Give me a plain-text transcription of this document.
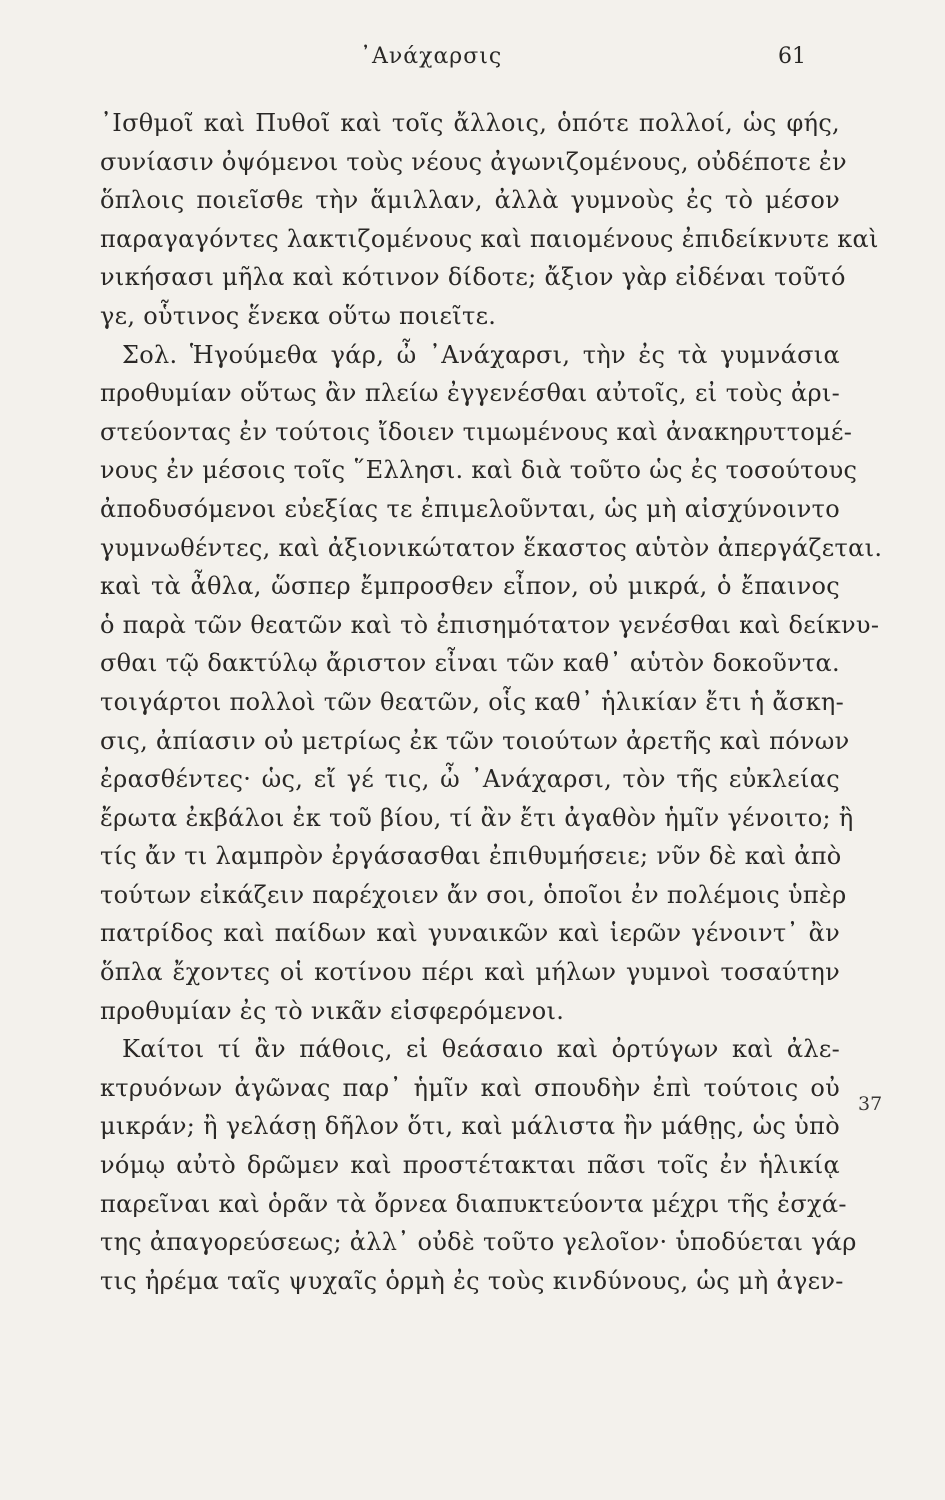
᾿Ανάχαρσις	61
᾿Ισθμοῖ καὶ Πυθοῖ καὶ τοῖς ἄλλοις, ὁπότε πολλοί, ὡς φής,
συνίασιν ὀψόμενοι τοὺς νέους ἀγωνιζομένους, οὐδέποτε ἐν
ὅπλοις ποιεῖσθε τὴν ἅμιλλαν, ἀλλὰ γυμνοὺς ἐς τὸ μέσον
παραγαγόντες λακτιζομένους καὶ παιομένους ἐπιδείκνυτε καὶ
νικήσασι μῆλα καὶ κότινον δίδοτε; ἄξιον γὰρ εἰδέναι τοῦτό
γε, οὗτινος ἕνεκα οὕτω ποιεῖτε.
Σολ. Ἡγούμεθα γάρ, ὦ ᾿Ανάχαρσι, τὴν ἐς τὰ γυμνάσια
προθυμίαν οὕτως ἂν πλείω ἐγγενέσθαι αὐτοῖς, εἰ τοὺς ἀρι-
στεύοντας ἐν τούτοις ἴδοιεν τιμωμένους καὶ ἀνακηρυττομέ-
νους ἐν μέσοις τοῖς ῞Ελλησι. καὶ διὰ τοῦτο ὡς ἐς τοσούτους
ἀποδυσόμενοι εὐεξίας τε ἐπιμελοῦνται, ὡς μὴ αἰσχύνοιντο
γυμνωθέντες, καὶ ἀξιονικώτατον ἕκαστος αὑτὸν ἀπεργάζεται.
καὶ τὰ ἆθλα, ὥσπερ ἔμπροσθεν εἶπον, οὐ μικρά, ὁ ἔπαινος
ὁ παρὰ τῶν θεατῶν καὶ τὸ ἐπισημότατον γενέσθαι καὶ δείκνυ-
σθαι τῷ δακτύλῳ ἄριστον εἶναι τῶν καθ᾿ αὑτὸν δοκοῦντα.
τοιγάρτοι πολλοὶ τῶν θεατῶν, οἷς καθ᾿ ἡλικίαν ἔτι ἡ ἄσκη-
σις, ἀπίασιν οὐ μετρίως ἐκ τῶν τοιούτων ἀρετῆς καὶ πόνων
ἐρασθέντες· ὡς, εἴ γέ τις, ὦ ᾿Ανάχαρσι, τὸν τῆς εὐκλείας
ἔρωτα ἐκβάλοι ἐκ τοῦ βίου, τί ἂν ἔτι ἀγαθὸν ἡμῖν γένοιτο; ἢ
τίς ἄν τι λαμπρὸν ἐργάσασθαι ἐπιθυμήσειε; νῦν δὲ καὶ ἀπὸ
τούτων εἰκάζειν παρέχοιεν ἄν σοι, ὁποῖοι ἐν πολέμοις ὑπὲρ
πατρίδος καὶ παίδων καὶ γυναικῶν καὶ ἱερῶν γένοιντ᾿ ἂν
ὅπλα ἔχοντες οἱ κοτίνου πέρι καὶ μήλων γυμνοὶ τοσαύτην
προθυμίαν ἐς τὸ νικᾶν εἰσφερόμενοι.
Καίτοι τί ἂν πάθοις, εἰ θεάσαιο καὶ ὀρτύγων καὶ ἀλε-
κτρυόνων ἀγῶνας παρ᾿ ἡμῖν καὶ σπουδὴν ἐπὶ τούτοις οὐ
μικράν; ἢ γελάσῃ δῆλον ὅτι, καὶ μάλιστα ἢν μάθῃς, ὡς ὑπὸ
νόμῳ αὐτὸ δρῶμεν καὶ προστέτακται πᾶσι τοῖς ἐν ἡλικίᾳ
παρεῖναι καὶ ὁρᾶν τὰ ὄρνεα διαπυκτεύοντα μέχρι τῆς ἐσχά-
της ἀπαγορεύσεως; ἀλλ᾿ οὐδὲ τοῦτο γελοῖον· ὑποδύεται γάρ
τις ἠρέμα ταῖς ψυχαῖς ὁρμὴ ἐς τοὺς κινδύνους, ὡς μὴ ἀγεν-
37
